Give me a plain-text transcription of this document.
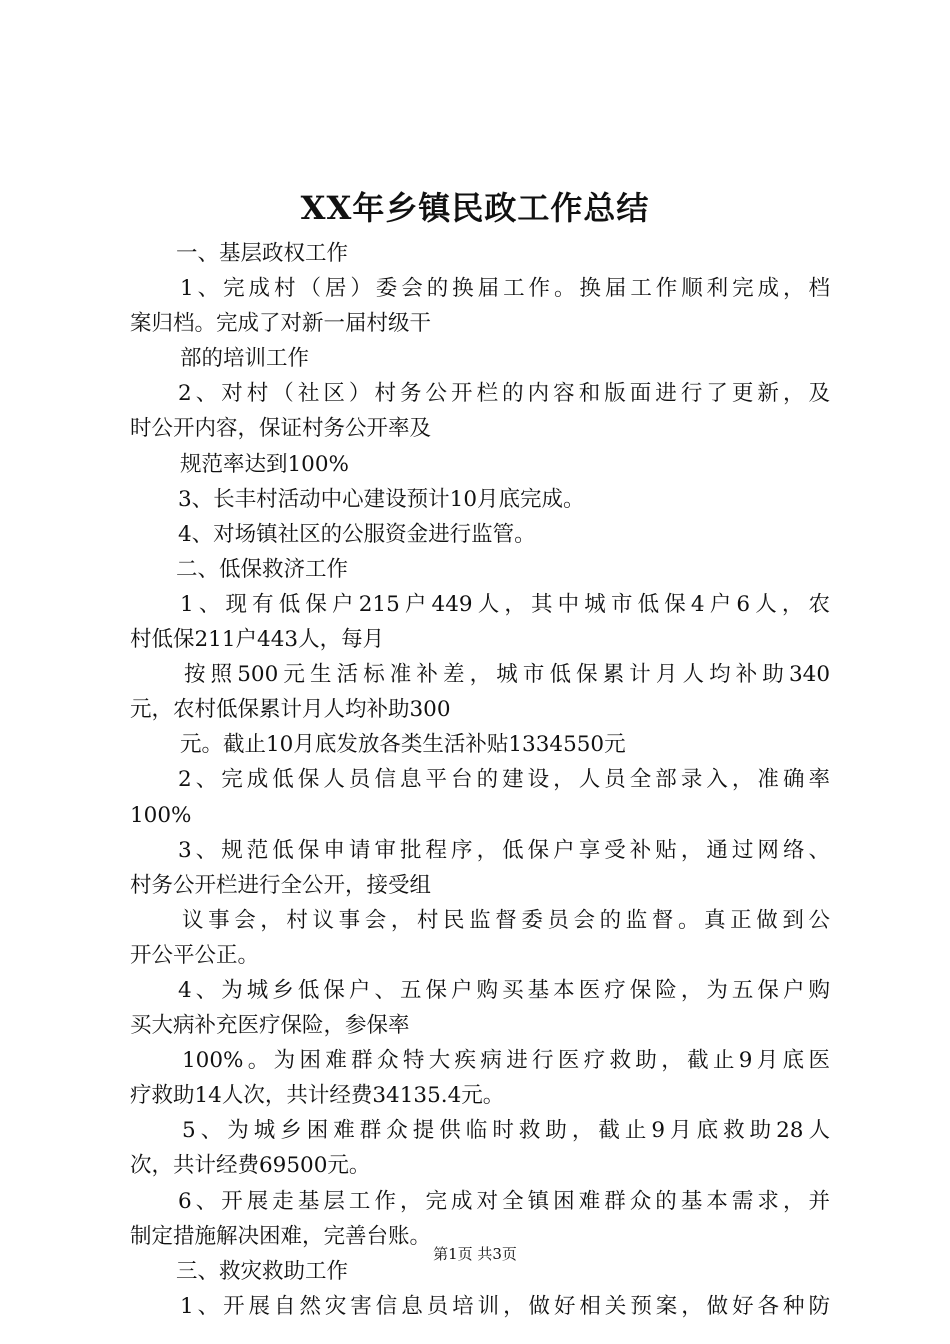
XX年乡镇民政工作总结
一、基层政权工作
1、完成村（居）委会的换届工作。换届工作顺利完成，档
案归档。完成了对新一届村级干
部的培训工作
2、对村（社区）村务公开栏的内容和版面进行了更新，及
时公开内容，保证村务公开率及
规范率达到100%
3、长丰村活动中心建设预计10月底完成。
4、对场镇社区的公服资金进行监管。
二、低保救济工作
1、现有低保户215户449人，其中城市低保4户6人，农
村低保211户443人，每月
按照500元生活标准补差，城市低保累计月人均补助340
元，农村低保累计月人均补助300
元。截止10月底发放各类生活补贴1334550元
2、完成低保人员信息平台的建设，人员全部录入，准确率
100%
3、规范低保申请审批程序，低保户享受补贴，通过网络、
村务公开栏进行全公开，接受组
议事会，村议事会，村民监督委员会的监督。真正做到公
开公平公正。
4、为城乡低保户、五保户购买基本医疗保险，为五保户购
买大病补充医疗保险，参保率
100%。为困难群众特大疾病进行医疗救助，截止9月底医
疗救助14人次，共计经费34135.4元。
5、为城乡困难群众提供临时救助，截止9月底救助28人
次，共计经费69500元。
6、开展走基层工作，完成对全镇困难群众的基本需求，并
制定措施解决困难，完善台账。
三、救灾救助工作
1、开展自然灾害信息员培训，做好相关预案，做好各种防
第1页 共3页
